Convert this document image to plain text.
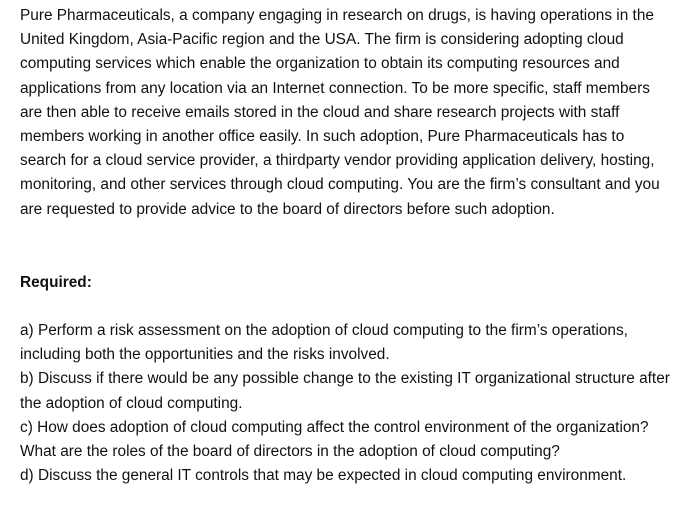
Pure Pharmaceuticals, a company engaging in research on drugs, is having operations in the United Kingdom, Asia-Pacific region and the USA. The firm is considering adopting cloud computing services which enable the organization to obtain its computing resources and applications from any location via an Internet connection. To be more specific, staff members are then able to receive emails stored in the cloud and share research projects with staff members working in another office easily. In such adoption, Pure Pharmaceuticals has to search for a cloud service provider, a thirdparty vendor providing application delivery, hosting, monitoring, and other services through cloud computing. You are the firm’s consultant and you are requested to provide advice to the board of directors before such adoption.

Required:

a) Perform a risk assessment on the adoption of cloud computing to the firm’s operations, including both the opportunities and the risks involved.
b) Discuss if there would be any possible change to the existing IT organizational structure after the adoption of cloud computing.
c) How does adoption of cloud computing affect the control environment of the organization? What are the roles of the board of directors in the adoption of cloud computing?
d) Discuss the general IT controls that may be expected in cloud computing environment.
